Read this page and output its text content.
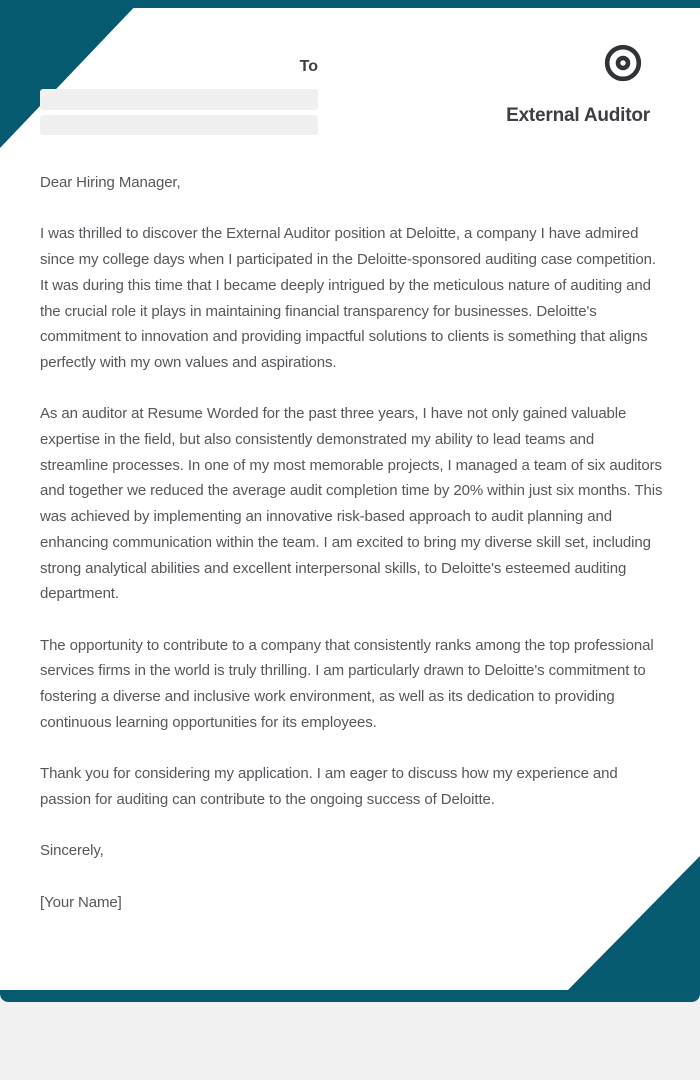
To
External Auditor

Dear Hiring Manager,

I was thrilled to discover the External Auditor position at Deloitte, a company I have admired since my college days when I participated in the Deloitte-sponsored auditing case competition. It was during this time that I became deeply intrigued by the meticulous nature of auditing and the crucial role it plays in maintaining financial transparency for businesses. Deloitte's commitment to innovation and providing impactful solutions to clients is something that aligns perfectly with my own values and aspirations.

As an auditor at Resume Worded for the past three years, I have not only gained valuable expertise in the field, but also consistently demonstrated my ability to lead teams and streamline processes. In one of my most memorable projects, I managed a team of six auditors and together we reduced the average audit completion time by 20% within just six months. This was achieved by implementing an innovative risk-based approach to audit planning and enhancing communication within the team. I am excited to bring my diverse skill set, including strong analytical abilities and excellent interpersonal skills, to Deloitte's esteemed auditing department.

The opportunity to contribute to a company that consistently ranks among the top professional services firms in the world is truly thrilling. I am particularly drawn to Deloitte's commitment to fostering a diverse and inclusive work environment, as well as its dedication to providing continuous learning opportunities for its employees.

Thank you for considering my application. I am eager to discuss how my experience and passion for auditing can contribute to the ongoing success of Deloitte.

Sincerely,

[Your Name]
